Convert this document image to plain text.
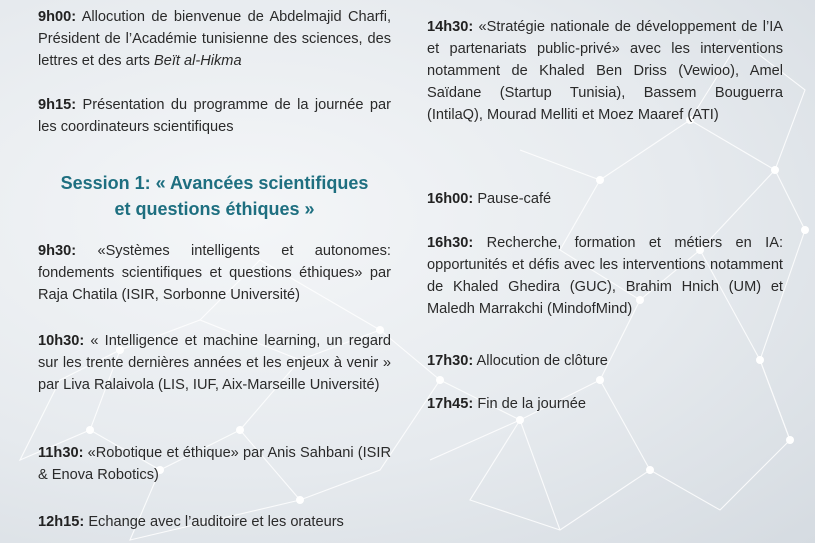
9h00: Allocution de bienvenue de Abdelmajid Charfi, Président de l’Académie tunisienne des sciences, des lettres et des arts Beït al-Hikma

9h15: Présentation du programme de la journée par les coordinateurs scientifiques

Session 1: « Avancées scientifiques
et questions éthiques »

9h30: «Systèmes intelligents et autonomes: fondements scientifiques et questions éthiques» par Raja Chatila (ISIR, Sorbonne Université)

10h30: « Intelligence et machine learning, un regard sur les trente dernières années et les enjeux à venir » par Liva Ralaivola (LIS, IUF, Aix-Marseille Université)

11h30: «Robotique et éthique» par Anis Sahbani (ISIR & Enova Robotics)

12h15: Echange avec l’auditoire et les orateurs

14h30: «Stratégie nationale de développement de l’IA et partenariats public-privé» avec les interventions notamment de Khaled Ben Driss (Vewioo), Amel Saïdane (Startup Tunisia), Bassem Bouguerra (IntilaQ), Mourad Melliti et Moez Maaref (ATI)

16h00: Pause-café

16h30: Recherche, formation et métiers en IA: opportunités et défis avec les interventions notamment de Khaled Ghedira (GUC), Brahim Hnich (UM) et Maledh Marrakchi (MindofMind)

17h30: Allocution de clôture

17h45: Fin de la journée
